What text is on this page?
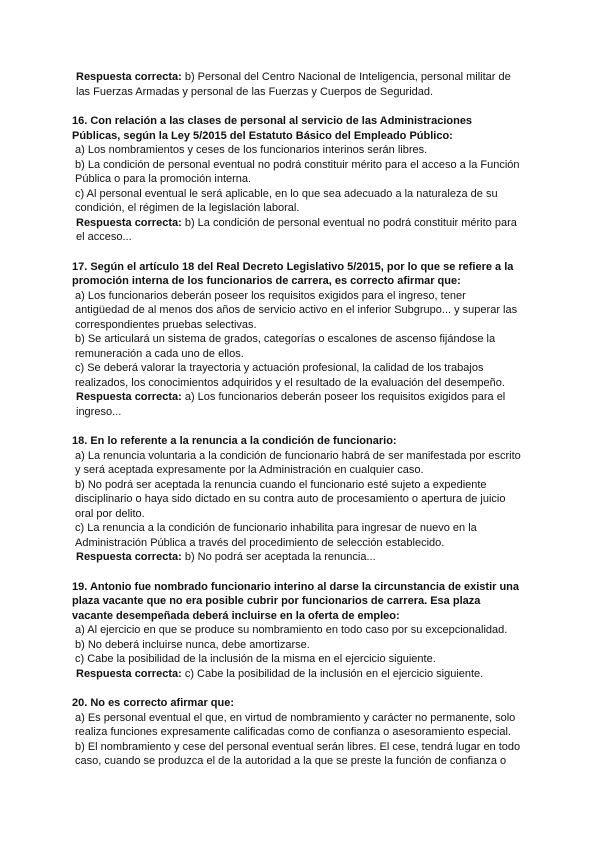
Respuesta correcta: b) Personal del Centro Nacional de Inteligencia, personal militar de las Fuerzas Armadas y personal de las Fuerzas y Cuerpos de Seguridad.

16. Con relación a las clases de personal al servicio de las Administraciones Públicas, según la Ley 5/2015 del Estatuto Básico del Empleado Público:

a) Los nombramientos y ceses de los funcionarios interinos serán libres.

b) La condición de personal eventual no podrá constituir mérito para el acceso a la Función Pública o para la promoción interna.

c) Al personal eventual le será aplicable, en lo que sea adecuado a la naturaleza de su condición, el régimen de la legislación laboral.

Respuesta correcta: b) La condición de personal eventual no podrá constituir mérito para el acceso...

17. Según el artículo 18 del Real Decreto Legislativo 5/2015, por lo que se refiere a la promoción interna de los funcionarios de carrera, es correcto afirmar que:

a) Los funcionarios deberán poseer los requisitos exigidos para el ingreso, tener antigüedad de al menos dos años de servicio activo en el inferior Subgrupo... y superar las correspondientes pruebas selectivas.

b) Se articulará un sistema de grados, categorías o escalones de ascenso fijándose la remuneración a cada uno de ellos.

c) Se deberá valorar la trayectoria y actuación profesional, la calidad de los trabajos realizados, los conocimientos adquiridos y el resultado de la evaluación del desempeño.

Respuesta correcta: a) Los funcionarios deberán poseer los requisitos exigidos para el ingreso...

18. En lo referente a la renuncia a la condición de funcionario:

a) La renuncia voluntaria a la condición de funcionario habrá de ser manifestada por escrito y será aceptada expresamente por la Administración en cualquier caso.

b) No podrá ser aceptada la renuncia cuando el funcionario esté sujeto a expediente disciplinario o haya sido dictado en su contra auto de procesamiento o apertura de juicio oral por delito.

c) La renuncia a la condición de funcionario inhabilita para ingresar de nuevo en la Administración Pública a través del procedimiento de selección establecido.

Respuesta correcta: b) No podrá ser aceptada la renuncia...

19. Antonio fue nombrado funcionario interino al darse la circunstancia de existir una plaza vacante que no era posible cubrir por funcionarios de carrera. Esa plaza vacante desempeñada deberá incluirse en la oferta de empleo:

a) Al ejercicio en que se produce su nombramiento en todo caso por su excepcionalidad.

b) No deberá incluirse nunca, debe amortizarse.

c) Cabe la posibilidad de la inclusión de la misma en el ejercicio siguiente.

Respuesta correcta: c) Cabe la posibilidad de la inclusión en el ejercicio siguiente.

20. No es correcto afirmar que:

a) Es personal eventual el que, en virtud de nombramiento y carácter no permanente, solo realiza funciones expresamente calificadas como de confianza o asesoramiento especial.

b) El nombramiento y cese del personal eventual serán libres. El cese, tendrá lugar en todo caso, cuando se produzca el de la autoridad a la que se preste la función de confianza o
